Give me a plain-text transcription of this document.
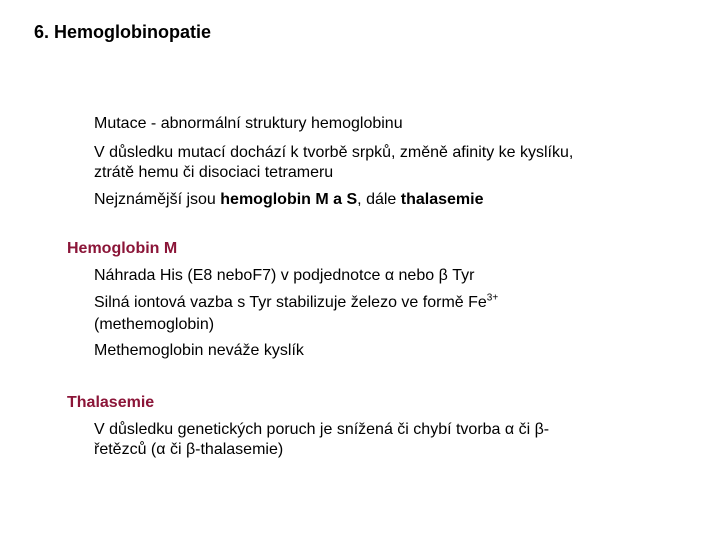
6. Hemoglobinopatie
Mutace - abnormální struktury hemoglobinu
V důsledku mutací dochází k tvorbě srpků, změně afinity ke kyslíku,
ztrátě hemu či disociaci tetrameru
Nejznámější jsou hemoglobin M a S, dále thalasemie
Hemoglobin M
Náhrada His (E8 neboF7) v podjednotce α nebo β Tyr
Silná iontová vazba s Tyr stabilizuje železo ve formě $Fe^{3+}$
(methemoglobin)
Methemoglobin neváže kyslík
Thalasemie
V důsledku genetických poruch je snížená či chybí tvorba α či β-
řetězců (α či β-thalasemie)
